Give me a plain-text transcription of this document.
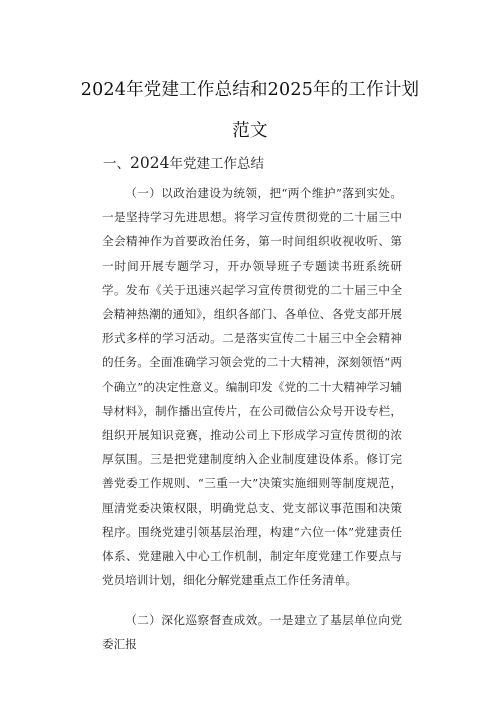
2024年党建工作总结和2025年的工作计划
范文
一、2024年党建工作总结

（一）以政治建设为统领，把“两个维护”落到实处。一是坚持学习先进思想。将学习宣传贯彻党的二十届三中全会精神作为首要政治任务，第一时间组织收视收听、第一时间开展专题学习，开办领导班子专题读书班系统研学。发布《关于迅速兴起学习宣传贯彻党的二十届三中全会精神热潮的通知》，组织各部门、各单位、各党支部开展形式多样的学习活动。二是落实宣传二十届三中全会精神的任务。全面准确学习领会党的二十大精神，深刻领悟“两个确立”的决定性意义。编制印发《党的二十大精神学习辅导材料》，制作播出宣传片，在公司微信公众号开设专栏，组织开展知识竞赛，推动公司上下形成学习宣传贯彻的浓厚氛围。三是把党建制度纳入企业制度建设体系。修订完善党委工作规则、“三重一大”决策实施细则等制度规范，厘清党委决策权限，明确党总支、党支部议事范围和决策程序。围绕党建引领基层治理，构建“六位一体”党建责任体系、党建融入中心工作机制，制定年度党建工作要点与党员培训计划，细化分解党建重点工作任务清单。

（二）深化巡察督查成效。一是建立了基层单位向党委汇报
